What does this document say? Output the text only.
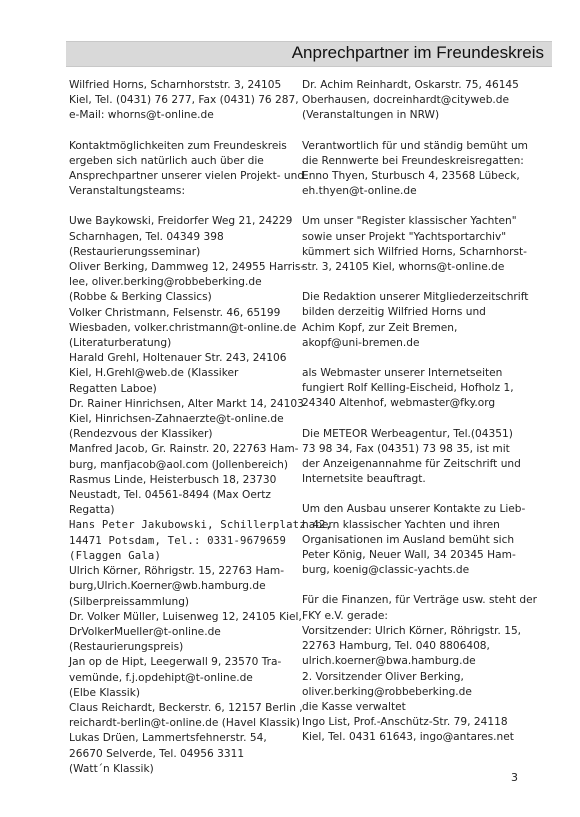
Anprechpartner im Freundeskreis
Wilfried Horns, Scharnhorststr. 3, 24105
Kiel, Tel. (0431) 76 277, Fax (0431) 76 287,
e-Mail: whorns@t-online.de
Kontaktmöglichkeiten zum Freundeskreis
ergeben sich natürlich auch über die
Ansprechpartner unserer vielen Projekt- und
Veranstaltungsteams:
Uwe Baykowski, Freidorfer Weg 21, 24229
Scharnhagen, Tel. 04349 398
(Restaurierungsseminar)
Oliver Berking, Dammweg 12, 24955 Harris-
lee, oliver.berking@robbeberking.de
(Robbe & Berking Classics)
Volker Christmann, Felsenstr. 46, 65199
Wiesbaden, volker.christmann@t-online.de
(Literaturberatung)
Harald Grehl, Holtenauer Str. 243, 24106
Kiel, H.Grehl@web.de (Klassiker
Regatten Laboe)
Dr. Rainer Hinrichsen, Alter Markt 14, 24103
Kiel, Hinrichsen-Zahnaerzte@t-online.de
(Rendezvous der Klassiker)
Manfred Jacob, Gr. Rainstr. 20, 22763 Ham-
burg, manfjacob@aol.com (Jollenbereich)
Rasmus Linde, Heisterbusch 18, 23730
Neustadt, Tel. 04561-8494 (Max Oertz
Regatta)
Hans Peter Jakubowski, Schillerplatz 42,
14471 Potsdam, Tel.: 0331-9679659
(Flaggen Gala)
Ulrich Körner, Röhrigstr. 15, 22763 Ham-
burg,Ulrich.Koerner@wb.hamburg.de
(Silberpreissammlung)
Dr. Volker Müller, Luisenweg 12, 24105 Kiel,
DrVolkerMueller@t-online.de
(Restaurierungspreis)
Jan op de Hipt, Leegerwall 9, 23570 Tra-
vemünde, f.j.opdehipt@t-online.de
(Elbe Klassik)
Claus Reichardt, Beckerstr. 6, 12157 Berlin ,
reichardt-berlin@t-online.de (Havel Klassik)
Lukas Drüen, Lammertsfehnerstr. 54,
26670 Selverde, Tel. 04956 3311
(Watt´n Klassik)
Dr. Achim Reinhardt, Oskarstr. 75, 46145
Oberhausen, docreinhardt@cityweb.de
(Veranstaltungen in NRW)
Verantwortlich für und ständig bemüht um
die Rennwerte bei Freundeskreisregatten:
Enno Thyen, Sturbusch 4, 23568 Lübeck,
eh.thyen@t-online.de
Um unser "Register klassischer Yachten"
sowie unser Projekt "Yachtsportarchiv"
kümmert sich Wilfried Horns, Scharnhorst-
str. 3, 24105 Kiel, whorns@t-online.de
Die Redaktion unserer Mitgliederzeitschrift
bilden derzeitig Wilfried Horns und
Achim Kopf, zur Zeit Bremen,
akopf@uni-bremen.de
als Webmaster unserer Internetseiten
fungiert Rolf Kelling-Eischeid, Hofholz 1,
24340 Altenhof, webmaster@fky.org
Die METEOR Werbeagentur, Tel.(04351)
73 98 34, Fax (04351) 73 98 35, ist mit
der Anzeigenannahme für Zeitschrift und
Internetsite beauftragt.
Um den Ausbau unserer Kontakte zu Lieb-
habern klassischer Yachten und ihren
Organisationen im Ausland bemüht sich
Peter König, Neuer Wall, 34 20345 Ham-
burg, koenig@classic-yachts.de
Für die Finanzen, für Verträge usw. steht der
FKY e.V. gerade:
Vorsitzender: Ulrich Körner, Röhrigstr. 15,
22763 Hamburg, Tel. 040 8806408,
ulrich.koerner@bwa.hamburg.de
2. Vorsitzender Oliver Berking,
oliver.berking@robbeberking.de
die Kasse verwaltet
Ingo List, Prof.-Anschütz-Str. 79, 24118
Kiel, Tel. 0431 61643, ingo@antares.net
3
